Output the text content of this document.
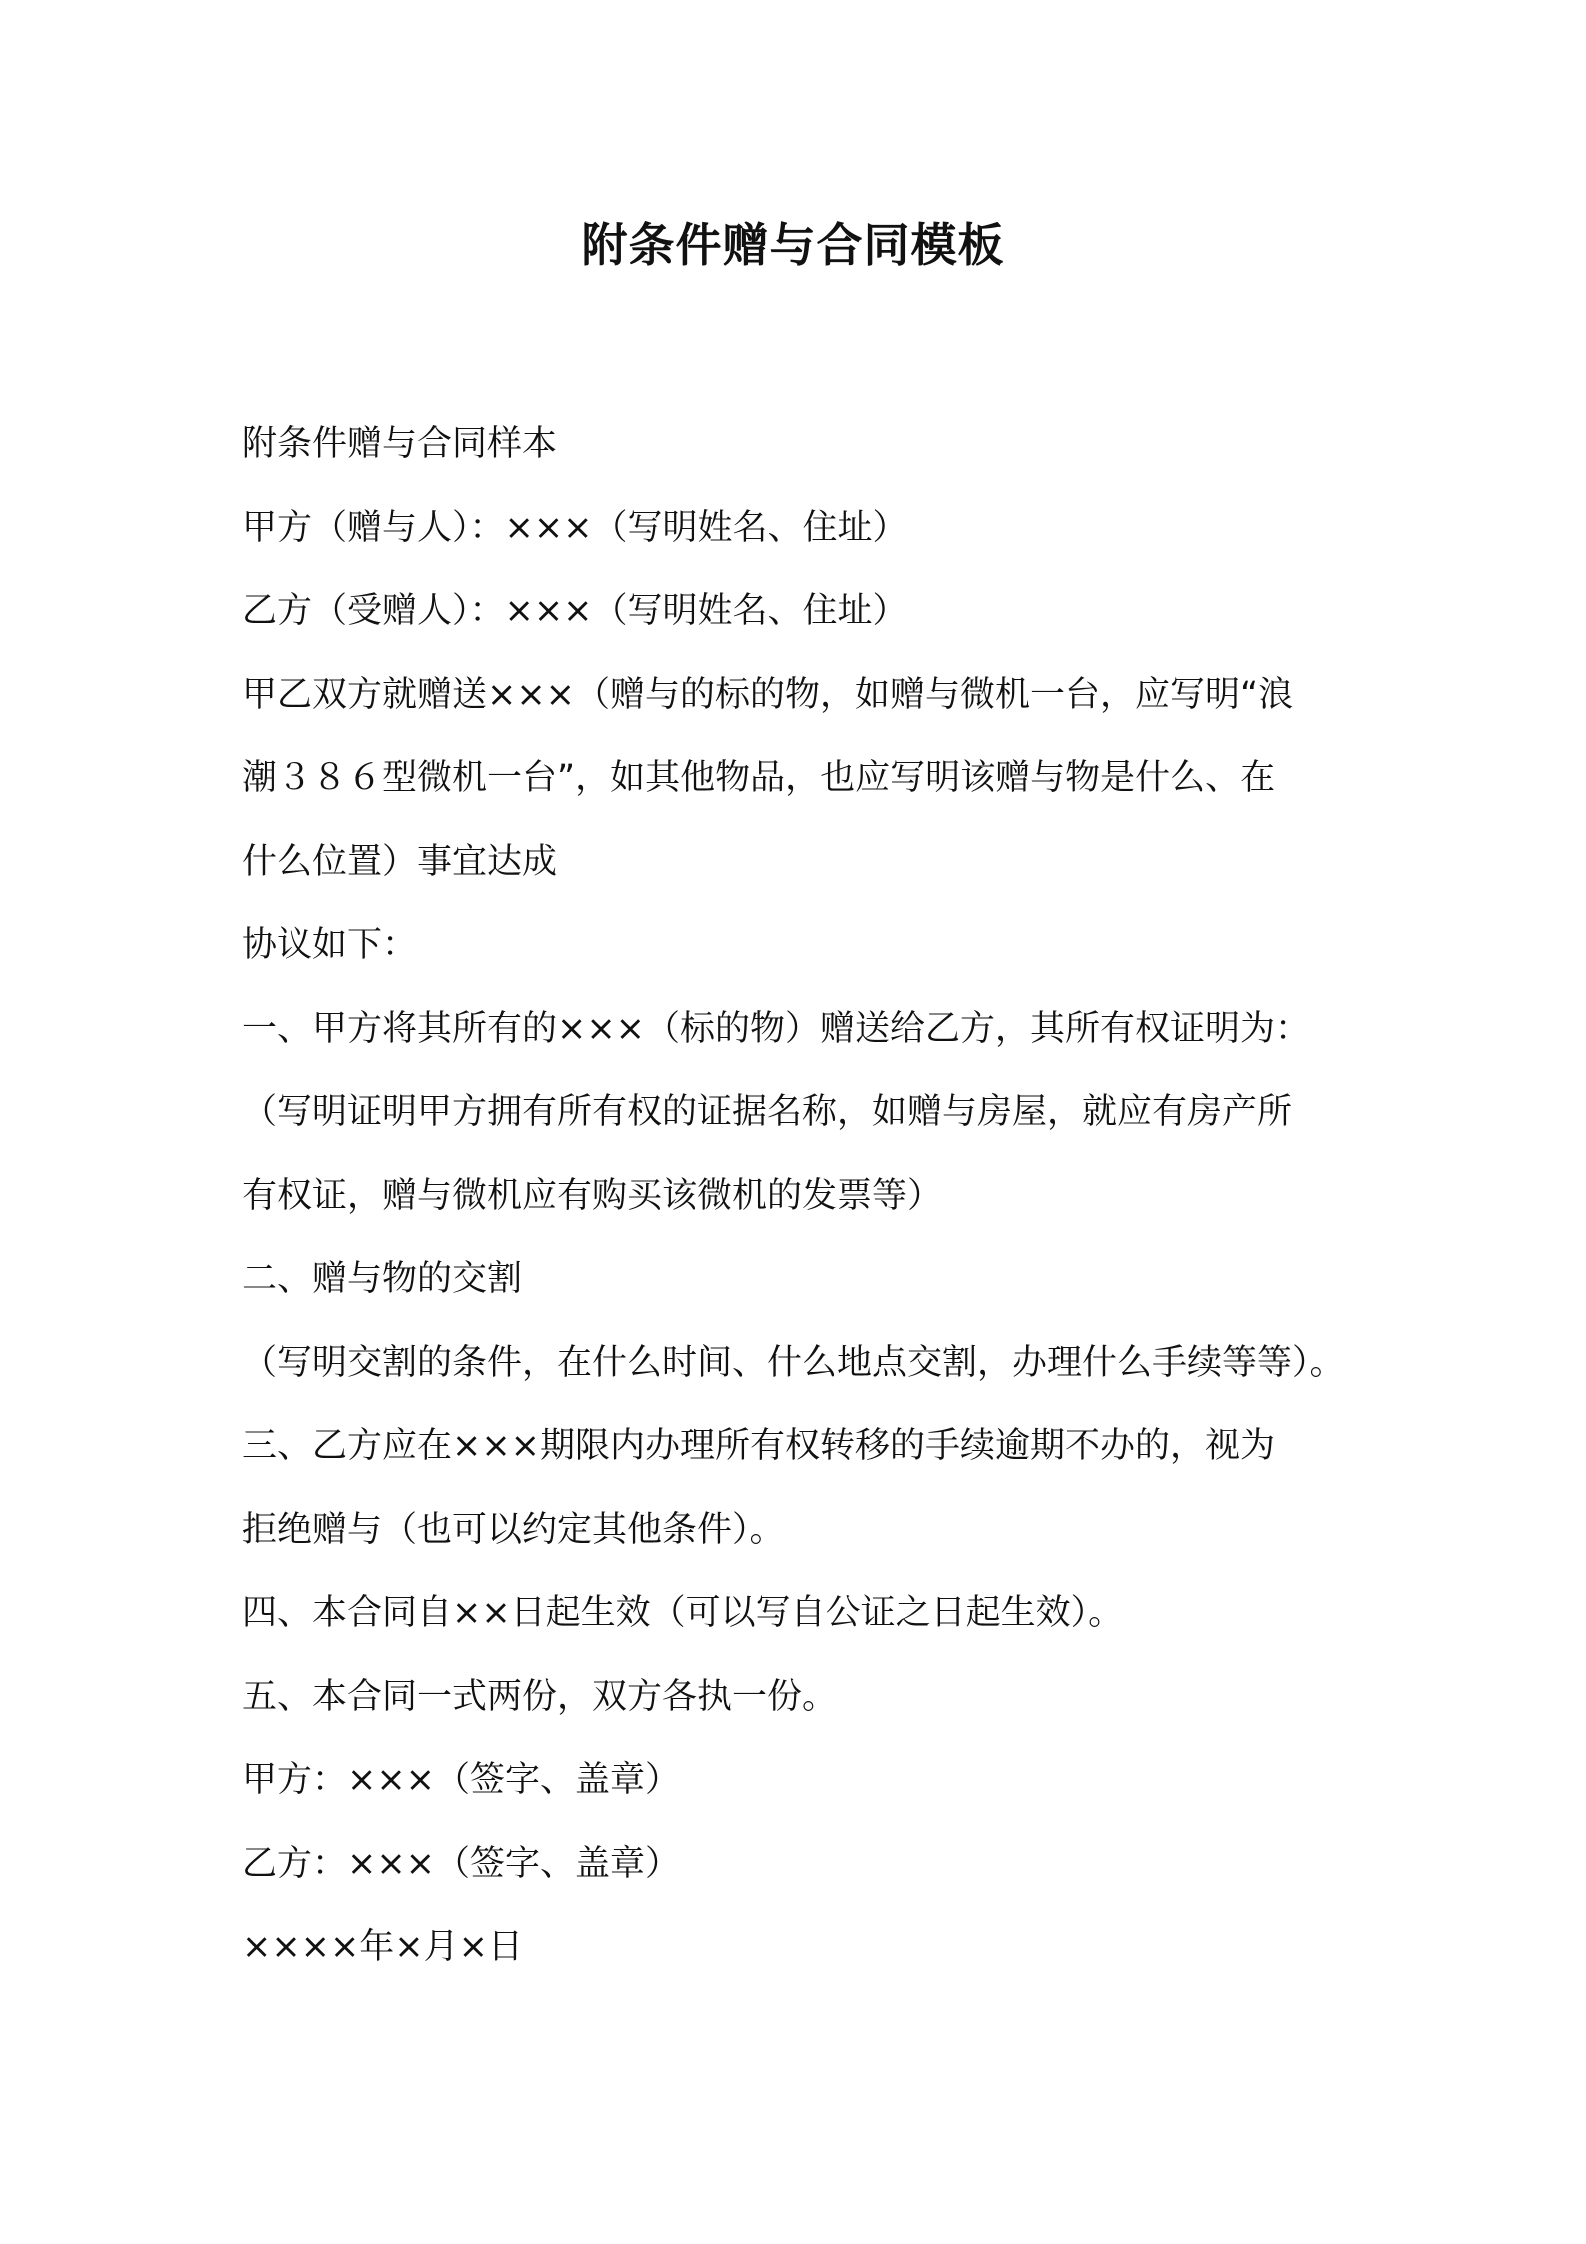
附条件赠与合同模板
附条件赠与合同样本
甲方（赠与人）：×××（写明姓名、住址）
乙方（受赠人）：×××（写明姓名、住址）
甲乙双方就赠送×××（赠与的标的物，如赠与微机一台，应写明“浪
潮３８６型微机一台”，如其他物品，也应写明该赠与物是什么、在
什么位置）事宜达成
协议如下：
一、甲方将其所有的×××（标的物）赠送给乙方，其所有权证明为：
（写明证明甲方拥有所有权的证据名称，如赠与房屋，就应有房产所
有权证，赠与微机应有购买该微机的发票等）
二、赠与物的交割
（写明交割的条件，在什么时间、什么地点交割，办理什么手续等等）。
三、乙方应在×××期限内办理所有权转移的手续逾期不办的，视为
拒绝赠与（也可以约定其他条件）。
四、本合同自××日起生效（可以写自公证之日起生效）。
五、本合同一式两份，双方各执一份。
甲方：×××（签字、盖章）
乙方：×××（签字、盖章）
××××年×月×日
